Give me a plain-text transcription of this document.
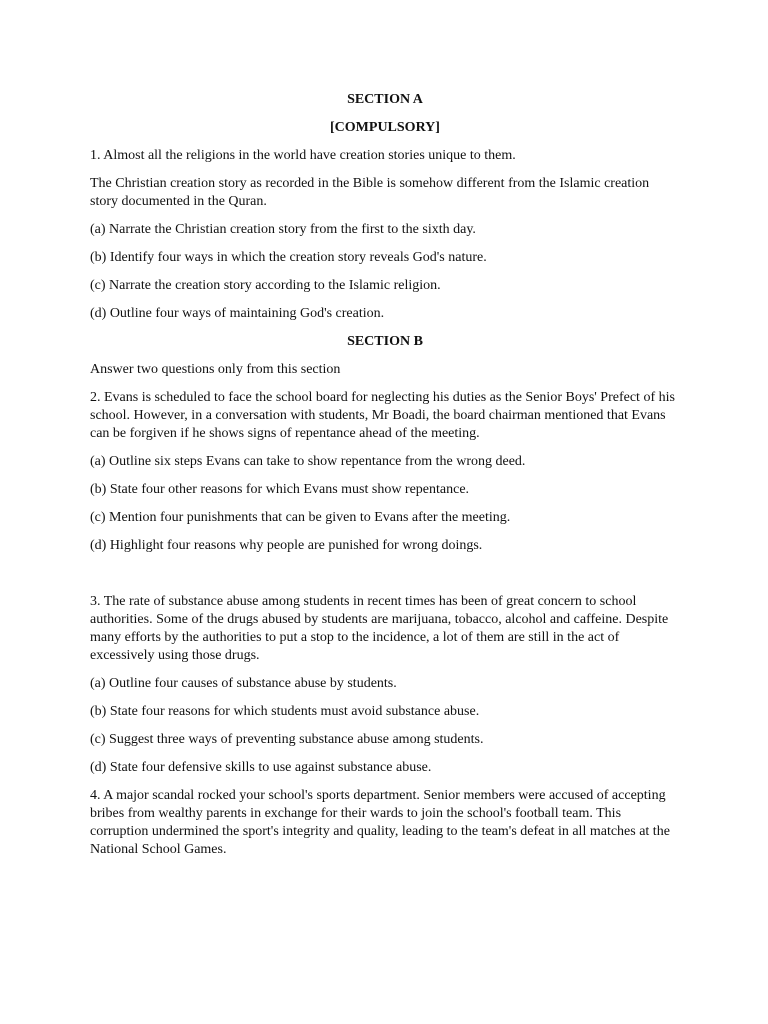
SECTION A
[COMPULSORY]

1. Almost all the religions in the world have creation stories unique to them.

The Christian creation story as recorded in the Bible is somehow different from the Islamic creation story documented in the Quran.

(a) Narrate the Christian creation story from the first to the sixth day.

(b) Identify four ways in which the creation story reveals God's nature.

(c) Narrate the creation story according to the Islamic religion.

(d) Outline four ways of maintaining God's creation.

SECTION B

Answer two questions only from this section

2. Evans is scheduled to face the school board for neglecting his duties as the Senior Boys' Prefect of his school. However, in a conversation with students, Mr Boadi, the board chairman mentioned that Evans can be forgiven if he shows signs of repentance ahead of the meeting.

(a) Outline six steps Evans can take to show repentance from the wrong deed.

(b) State four other reasons for which Evans must show repentance.

(c) Mention four punishments that can be given to Evans after the meeting.

(d) Highlight four reasons why people are punished for wrong doings.

3. The rate of substance abuse among students in recent times has been of great concern to school authorities. Some of the drugs abused by students are marijuana, tobacco, alcohol and caffeine. Despite many efforts by the authorities to put a stop to the incidence, a lot of them are still in the act of excessively using those drugs.

(a) Outline four causes of substance abuse by students.

(b) State four reasons for which students must avoid substance abuse.

(c) Suggest three ways of preventing substance abuse among students.

(d) State four defensive skills to use against substance abuse.

4. A major scandal rocked your school's sports department. Senior members were accused of accepting bribes from wealthy parents in exchange for their wards to join the school's football team. This corruption undermined the sport's integrity and quality, leading to the team's defeat in all matches at the National School Games.
